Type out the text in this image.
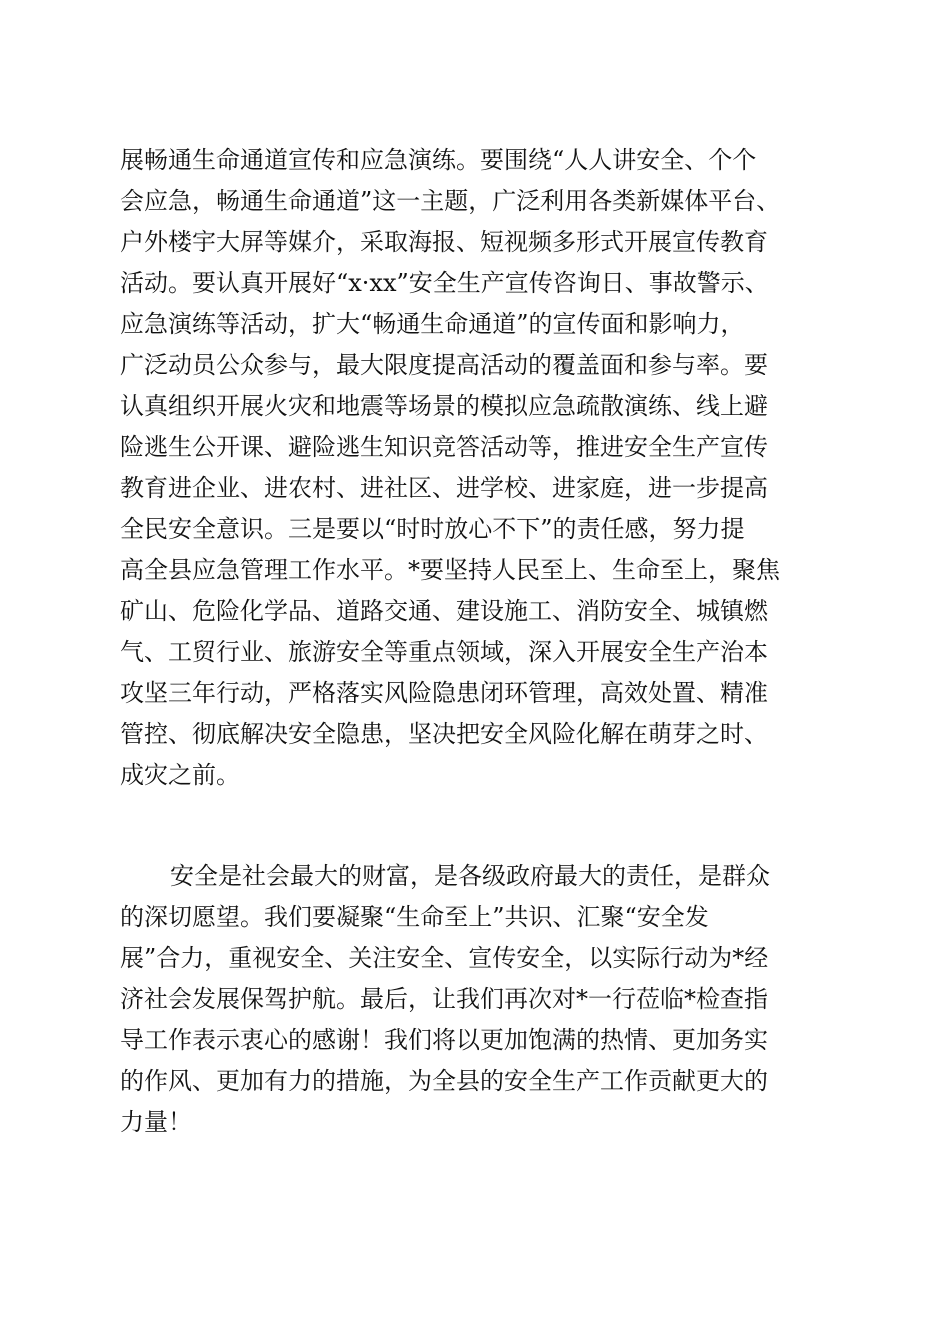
展畅通生命通道宣传和应急演练。要围绕“人人讲安全、个个
会应急，畅通生命通道”这一主题，广泛利用各类新媒体平台、
户外楼宇大屏等媒介，采取海报、短视频多形式开展宣传教育
活动。要认真开展好“x·xx”安全生产宣传咨询日、事故警示、
应急演练等活动，扩大“畅通生命通道”的宣传面和影响力，
广泛动员公众参与，最大限度提高活动的覆盖面和参与率。要
认真组织开展火灾和地震等场景的模拟应急疏散演练、线上避
险逃生公开课、避险逃生知识竞答活动等，推进安全生产宣传
教育进企业、进农村、进社区、进学校、进家庭，进一步提高
全民安全意识。三是要以“时时放心不下”的责任感，努力提
高全县应急管理工作水平。*要坚持人民至上、生命至上，聚焦
矿山、危险化学品、道路交通、建设施工、消防安全、城镇燃
气、工贸行业、旅游安全等重点领域，深入开展安全生产治本
攻坚三年行动，严格落实风险隐患闭环管理，高效处置、精准
管控、彻底解决安全隐患，坚决把安全风险化解在萌芽之时、
成灾之前。
安全是社会最大的财富，是各级政府最大的责任，是群众
的深切愿望。我们要凝聚“生命至上”共识、汇聚“安全发
展”合力，重视安全、关注安全、宣传安全，以实际行动为*经
济社会发展保驾护航。最后，让我们再次对*一行莅临*检查指
导工作表示衷心的感谢！我们将以更加饱满的热情、更加务实
的作风、更加有力的措施，为全县的安全生产工作贡献更大的
力量！
